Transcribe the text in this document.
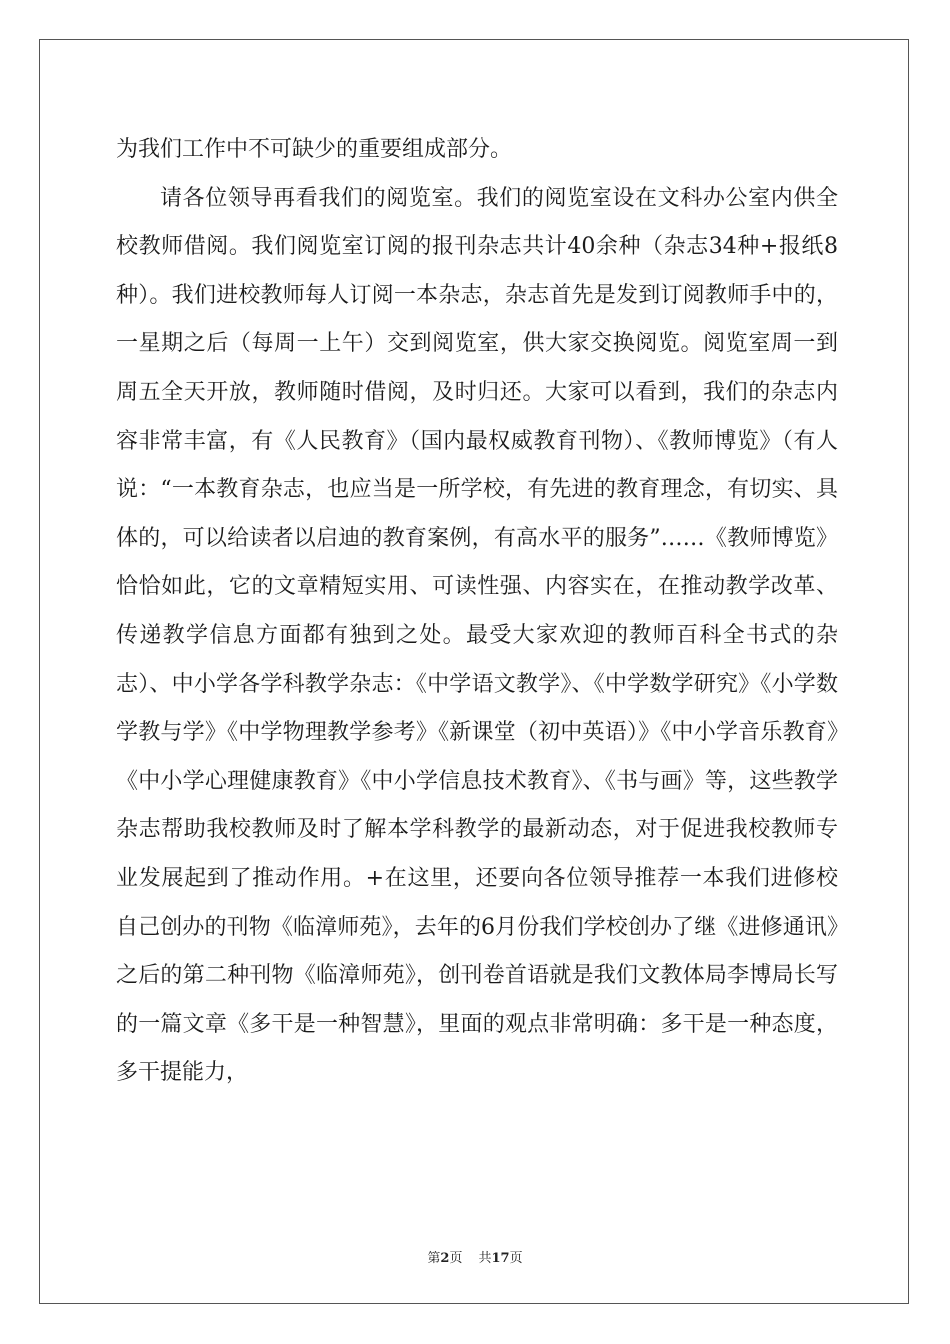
为我们工作中不可缺少的重要组成部分。

请各位领导再看我们的阅览室。我们的阅览室设在文科办公室内供全校教师借阅。我们阅览室订阅的报刊杂志共计40余种（杂志34种+报纸8种）。我们进校教师每人订阅一本杂志，杂志首先是发到订阅教师手中的，一星期之后（每周一上午）交到阅览室，供大家交换阅览。阅览室周一到周五全天开放，教师随时借阅，及时归还。大家可以看到，我们的杂志内容非常丰富，有《人民教育》（国内最权威教育刊物）、《教师博览》（有人说：“一本教育杂志，也应当是一所学校，有先进的教育理念，有切实、具体的，可以给读者以启迪的教育案例，有高水平的服务”……《教师博览》恰恰如此，它的文章精短实用、可读性强、内容实在，在推动教学改革、传递教学信息方面都有独到之处。最受大家欢迎的教师百科全书式的杂志）、中小学各学科教学杂志：《中学语文教学》、《中学数学研究》《小学数学教与学》《中学物理教学参考》《新课堂（初中英语）》《中小学音乐教育》《中小学心理健康教育》《中小学信息技术教育》、《书与画》等，这些教学杂志帮助我校教师及时了解本学科教学的最新动态，对于促进我校教师专业发展起到了推动作用。+在这里，还要向各位领导推荐一本我们进修校自己创办的刊物《临漳师苑》，去年的6月份我们学校创办了继《进修通讯》之后的第二种刊物《临漳师苑》，创刊卷首语就是我们文教体局李博局长写的一篇文章《多干是一种智慧》，里面的观点非常明确：多干是一种态度，多干提能力，

第2页 共17页
